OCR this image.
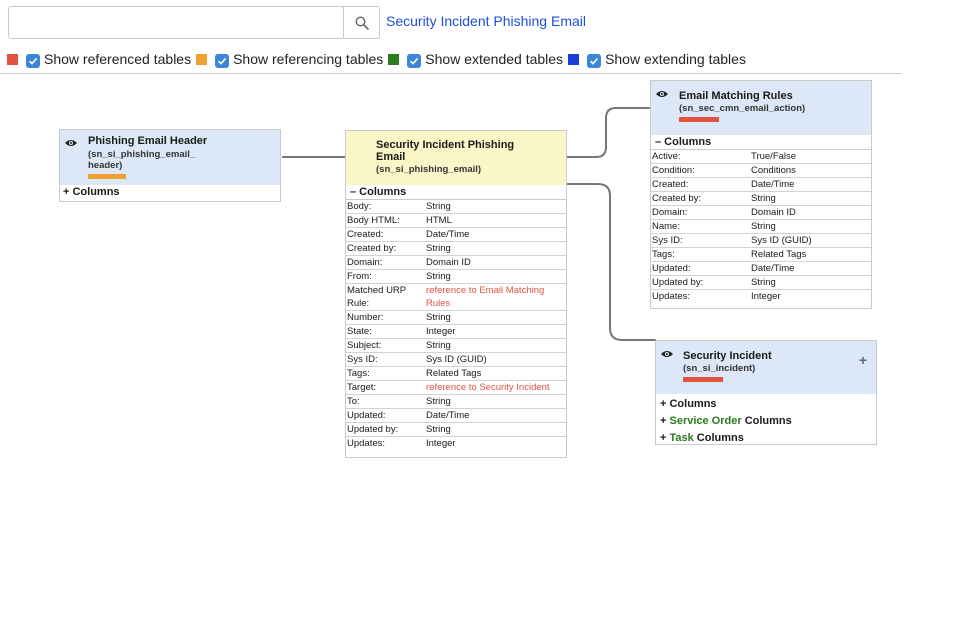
Security Incident Phishing Email
Show referenced tables	Show referencing tables	Show extended tables	Show extending tables
Phishing Email Header
(sn_si_phishing_email_
header)
+ Columns
Security Incident Phishing
Email
(sn_si_phishing_email)
– Columns
Body:	String
Body HTML:	HTML
Created:	Date/Time
Created by:	String
Domain:	Domain ID
From:	String
Matched URP Rule:
reference to Email Matching Rules
Number:	String
State:	Integer
Subject:	String
Sys ID:	Sys ID (GUID)
Tags:	Related Tags
Target:	reference to Security Incident
To:	String
Updated:	Date/Time
Updated by:	String
Updates:	Integer
Email Matching Rules
(sn_sec_cmn_email_action)
– Columns
Active:	True/False
Condition:	Conditions
Created:	Date/Time
Created by:	String
Domain:	Domain ID
Name:	String
Sys ID:	Sys ID (GUID)
Tags:	Related Tags
Updated:	Date/Time
Updated by:	String
Updates:	Integer
Security Incident
(sn_si_incident)
+
+ Columns
+ Service Order Columns
+ Task Columns
